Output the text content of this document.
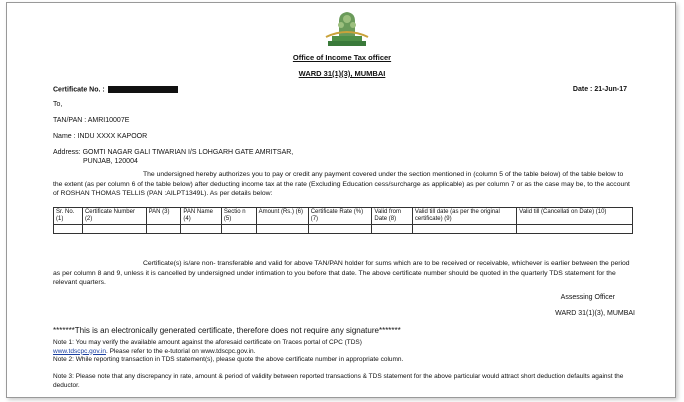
Office of Income Tax officer
WARD 31(1)(3), MUMBAI
Certificate No. :	Date : 21-Jun-17
To,
TAN/PAN : AMRI10007E
Name : INDU XXXX KAPOOR
Address: GOMTI NAGAR GALI TIWARIAN I/S LOHGARH GATE AMRITSAR,
PUNJAB, 120004
The undersigned hereby authorizes you to pay or credit any payment covered under the section mentioned in (column 5 of the table below) of the table below to the extent (as per column 6 of the table below) after deducting income tax at the rate (Excluding Education cess/surcharge as applicable) as per column 7 or as the case may be, to the account of ROSHAN THOMAS TELLIS (PAN :AILPT1349L). As per details below:
Sr. No. (1)	Certificate Number (2)	PAN (3)	PAN Name (4)	Sectio n (5)	Amount (Rs.) (6)	Certificate Rate (%) (7)	Valid from Date (8)	Valid till date (as per the original certificate) (9)	Valid till (Cancellati on Date) (10)

Certificate(s) is/are non- transferable and valid for above TAN/PAN holder for sums which are to be received or receivable, whichever is earlier between the period as per column 8 and 9, unless it is cancelled by undersigned under intimation to you before that date. The above certificate number should be quoted in the quarterly TDS statement for the relevant quarters.
Assessing Officer
WARD 31(1)(3), MUMBAI
*******This is an electronically generated certificate, therefore does not require any signature*******
Note 1: You may verify the available amount against the aforesaid certificate on Traces portal of CPC (TDS)
www.tdscpc.gov.in. Please refer to the e-tutorial on www.tdscpc.gov.in.
Note 2: While reporting transaction in TDS statement(s), please quote the above certificate number in appropriate column.
Note 3: Please note that any discrepancy in rate, amount & period of validity between reported transactions & TDS statement for the above particular would attract short deduction defaults against the deductor.
